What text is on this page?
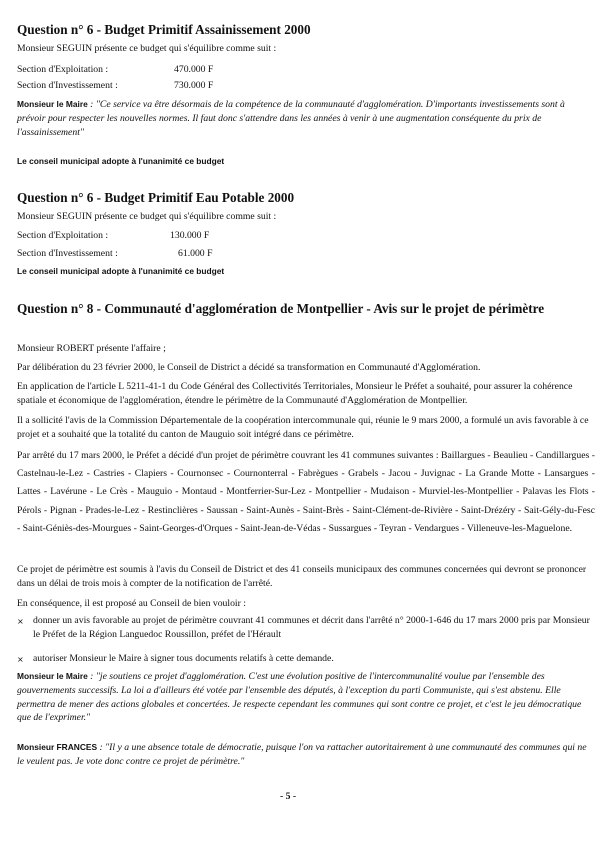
Question n° 6 - Budget Primitif Assainissement 2000
Monsieur SEGUIN présente ce budget qui s'équilibre comme suit :
Section d'Exploitation :	470.000 F
Section d'Investissement :	730.000 F
Monsieur le Maire : "Ce service va être désormais de la compétence de la communauté d'agglomération. D'importants investissements sont à prévoir pour respecter les nouvelles normes. Il faut donc s'attendre dans les années à venir à une augmentation conséquente du prix de l'assainissement"
Le conseil municipal adopte à l'unanimité ce budget
Question n° 6 - Budget Primitif Eau Potable 2000
Monsieur SEGUIN présente ce budget qui s'équilibre comme suit :
Section d'Exploitation :	130.000 F
Section d'Investissement :	61.000 F
Le conseil municipal adopte à l'unanimité ce budget
Question n° 8 - Communauté d'agglomération de Montpellier - Avis sur le projet de périmètre
Monsieur ROBERT présente l'affaire ;
Par délibération du 23 février 2000, le Conseil de District a décidé sa transformation en Communauté d'Agglomération.
En application de l'article L 5211-41-1 du Code Général des Collectivités Territoriales, Monsieur le Préfet a souhaité, pour assurer la cohérence spatiale et économique de l'agglomération, étendre le périmètre de la Communauté d'Agglomération de Montpellier.
Il a sollicité l'avis de la Commission Départementale de la coopération intercommunale qui, réunie le 9 mars 2000, a formulé un avis favorable à ce projet et a souhaité que la totalité du canton de Mauguio soit intégré dans ce périmètre.
Par arrêté du 17 mars 2000, le Préfet a décidé d'un projet de périmètre couvrant les 41 communes suivantes : Baillargues - Beaulieu - Candillargues - Castelnau-le-Lez - Castries - Clapiers - Cournonsec - Cournonterral - Fabrègues - Grabels - Jacou - Juvignac - La Grande Motte - Lansargues - Lattes - Lavérune - Le Crès - Mauguio - Montaud - Montferrier-Sur-Lez - Montpellier - Mudaison - Murviel-les-Montpellier - Palavas les Flots - Pérols - Pignan - Prades-le-Lez - Restinclières - Saussan - Saint-Aunès - Saint-Brès - Saint-Clément-de-Rivière - Saint-Drézéry - Sait-Gély-du-Fesc - Saint-Géniès-des-Mourgues - Saint-Georges-d'Orques - Saint-Jean-de-Védas - Sussargues - Teyran - Vendargues - Villeneuve-les-Maguelone.
Ce projet de périmètre est soumis à l'avis du Conseil de District et des 41 conseils municipaux des communes concernées qui devront se prononcer dans un délai de trois mois à compter de la notification de l'arrêté.
En conséquence, il est proposé au Conseil de bien vouloir :
× donner un avis favorable au projet de périmètre couvrant 41 communes et décrit dans l'arrêté n° 2000-1-646 du 17 mars 2000 pris par Monsieur le Préfet de la Région Languedoc Roussillon, préfet de l'Hérault
× autoriser Monsieur le Maire à signer tous documents relatifs à cette demande.
Monsieur le Maire : "je soutiens ce projet d'agglomération. C'est une évolution positive de l'intercommunalité voulue par l'ensemble des gouvernements successifs. La loi a d'ailleurs été votée par l'ensemble des députés, à l'exception du parti Communiste, qui s'est abstenu. Elle permettra de mener des actions globales et concertées. Je respecte cependant les communes qui sont contre ce projet, et c'est le jeu démocratique que de l'exprimer."
Monsieur FRANCES : "Il y a une absence totale de démocratie, puisque l'on va rattacher autoritairement à une communauté des communes qui ne le veulent pas. Je vote donc contre ce projet de périmètre."
- 5 -
